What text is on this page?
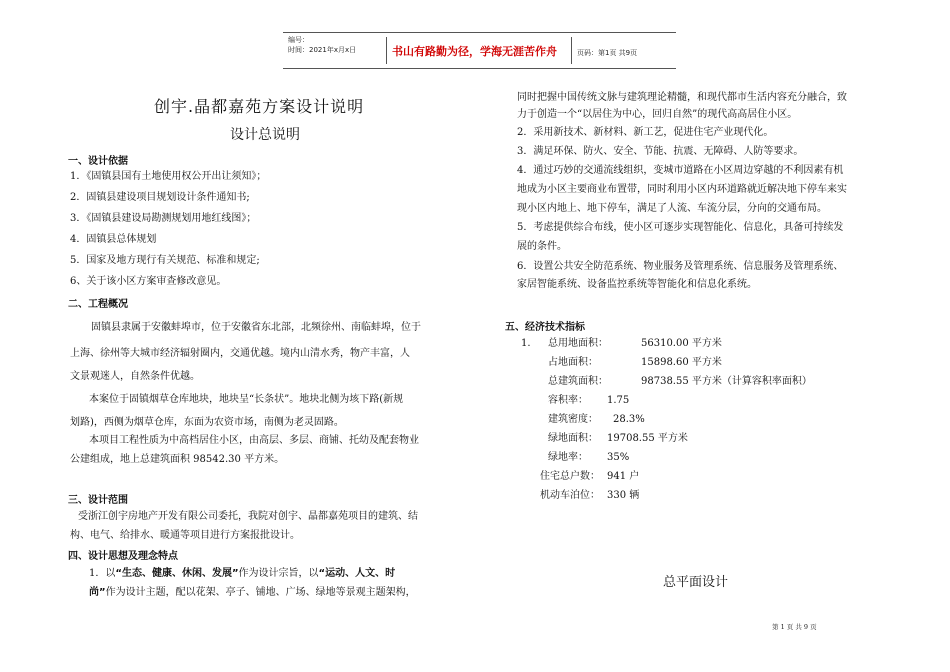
编号：
时间：2021年x月x日	书山有路勤为径，学海无涯苦作舟	页码：第1页 共9页
创宇.晶都嘉苑方案设计说明
设计总说明
一、设计依据
1．《固镇县国有土地使用权公开出让须知》；
2．固镇县建设项目规划设计条件通知书;
3．《固镇县建设局勘测规划用地红线图》；
4．固镇县总体规划
5．国家及地方现行有关规范、标准和规定;
6、关于该小区方案审查修改意见。
二、工程概况
固镇县隶属于安徽蚌埠市，位于安徽省东北部，北频徐州、南临蚌埠，位于
上海、徐州等大城市经济辐射圈内，交通优越。境内山清水秀，物产丰富，人
文景观迷人，自然条件优越。
本案位于固镇烟草仓库地块，地块呈“长条状”。地块北侧为垓下路(新规
划路)，西侧为烟草仓库，东面为农资市场，南侧为老灵固路。
本项目工程性质为中高档居住小区，由高层、多层、商铺、托幼及配套物业
公建组成，地上总建筑面积 98542.30 平方米。
三、设计范围
受浙江创宇房地产开发有限公司委托，我院对创宇、晶都嘉苑项目的建筑、结
构、电气、给排水、暖通等项目进行方案报批设计。
四、设计思想及理念特点
1．以“生态、健康、休闲、发展”作为设计宗旨，以“运动、人文、时
尚”作为设计主题，配以花架、亭子、铺地、广场、绿地等景观主题架构，
同时把握中国传统文脉与建筑理论精髓，和现代都市生活内容充分融合，致
力于创造一个“以居住为中心，回归自然”的现代高高居住小区。
2．采用新技术、新材料、新工艺，促进住宅产业现代化。
3．满足环保、防火、安全、节能、抗震、无障碍、人防等要求。
4．通过巧妙的交通流线组织，变城市道路在小区周边穿越的不利因素有机
地成为小区主要商业布置带，同时利用小区内环道路就近解决地下停车来实
现小区内地上、地下停车，满足了人流、车流分层，分向的交通布局。
5．考虑提供综合布线，使小区可逐步实现智能化、信息化，具备可持续发
展的条件。
6．设置公共安全防范系统、物业服务及管理系统、信息服务及管理系统、
家居智能系统、设备监控系统等智能化和信息化系统。
五、经济技术指标
1. 总用地面积：	56310.00 平方米
占地面积：	15898.60 平方米
总建筑面积：	98738.55 平方米（计算容积率面积）
容积率： 1.75
建筑密度： 28.3%
绿地面积： 19708.55 平方米
绿地率： 35%
住宅总户数： 941 户
机动车泊位： 330 辆
总平面设计
第 1 页 共 9 页
